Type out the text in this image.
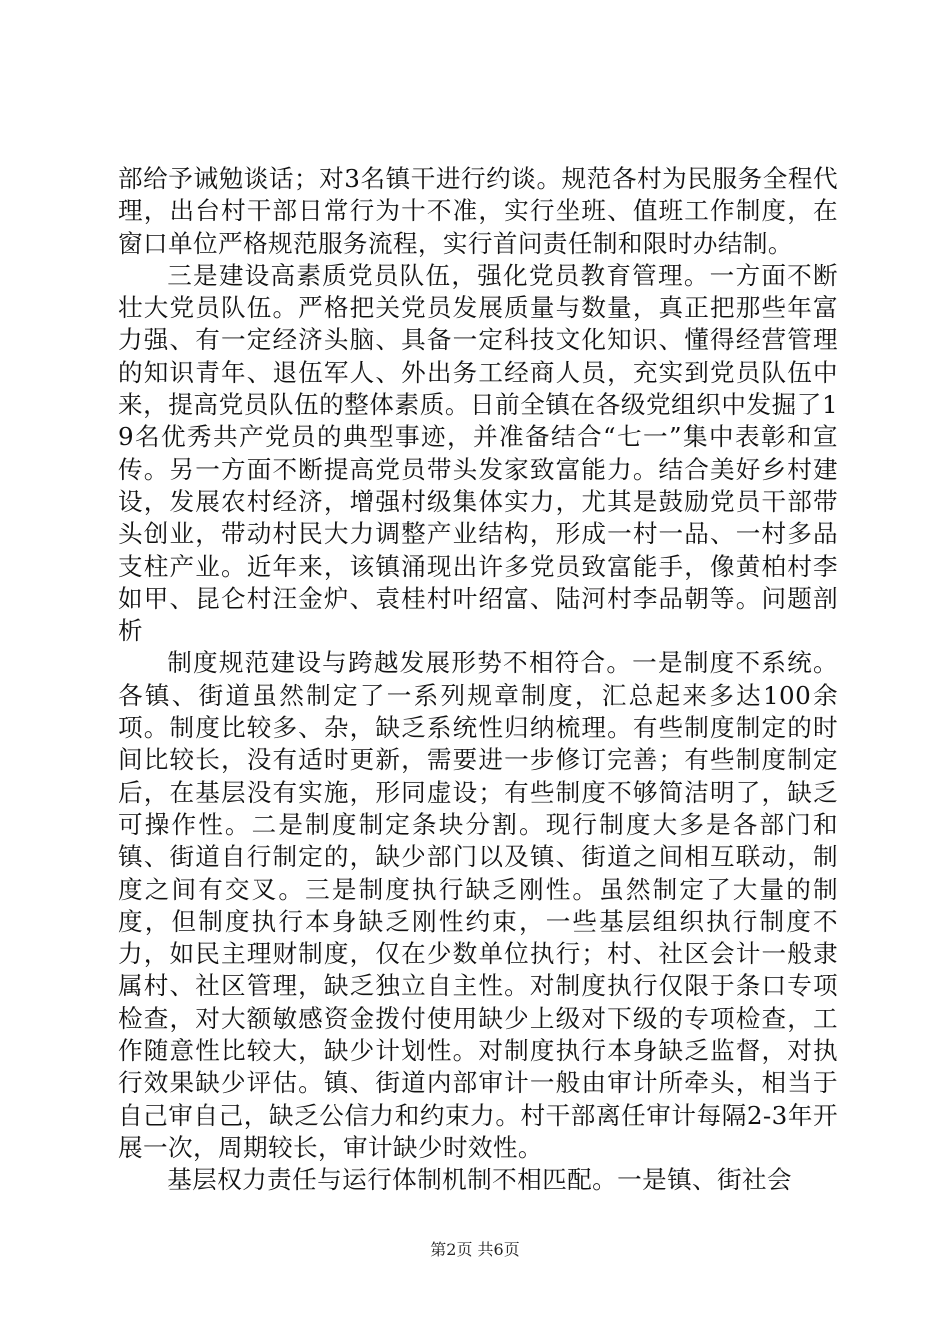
部给予诫勉谈话；对3名镇干进行约谈。规范各村为民服务全程代理，出台村干部日常行为十不准，实行坐班、值班工作制度，在窗口单位严格规范服务流程，实行首问责任制和限时办结制。

三是建设高素质党员队伍，强化党员教育管理。一方面不断壮大党员队伍。严格把关党员发展质量与数量，真正把那些年富力强、有一定经济头脑、具备一定科技文化知识、懂得经营管理的知识青年、退伍军人、外出务工经商人员，充实到党员队伍中来，提高党员队伍的整体素质。日前全镇在各级党组织中发掘了19名优秀共产党员的典型事迹，并准备结合“七一”集中表彰和宣传。另一方面不断提高党员带头发家致富能力。结合美好乡村建设，发展农村经济，增强村级集体实力，尤其是鼓励党员干部带头创业，带动村民大力调整产业结构，形成一村一品、一村多品支柱产业。近年来，该镇涌现出许多党员致富能手，像黄柏村李如甲、昆仑村汪金炉、袁桂村叶绍富、陆河村李品朝等。问题剖析

制度规范建设与跨越发展形势不相符合。一是制度不系统。各镇、街道虽然制定了一系列规章制度，汇总起来多达100余项。制度比较多、杂，缺乏系统性归纳梳理。有些制度制定的时间比较长，没有适时更新，需要进一步修订完善；有些制度制定后，在基层没有实施，形同虚设；有些制度不够简洁明了，缺乏可操作性。二是制度制定条块分割。现行制度大多是各部门和镇、街道自行制定的，缺少部门以及镇、街道之间相互联动，制度之间有交叉。三是制度执行缺乏刚性。虽然制定了大量的制度，但制度执行本身缺乏刚性约束，一些基层组织执行制度不力，如民主理财制度，仅在少数单位执行；村、社区会计一般隶属村、社区管理，缺乏独立自主性。对制度执行仅限于条口专项检查，对大额敏感资金拨付使用缺少上级对下级的专项检查，工作随意性比较大，缺少计划性。对制度执行本身缺乏监督，对执行效果缺少评估。镇、街道内部审计一般由审计所牵头，相当于自己审自己，缺乏公信力和约束力。村干部离任审计每隔2-3年开展一次，周期较长，审计缺少时效性。

基层权力责任与运行体制机制不相匹配。一是镇、街社会

第2页 共6页
